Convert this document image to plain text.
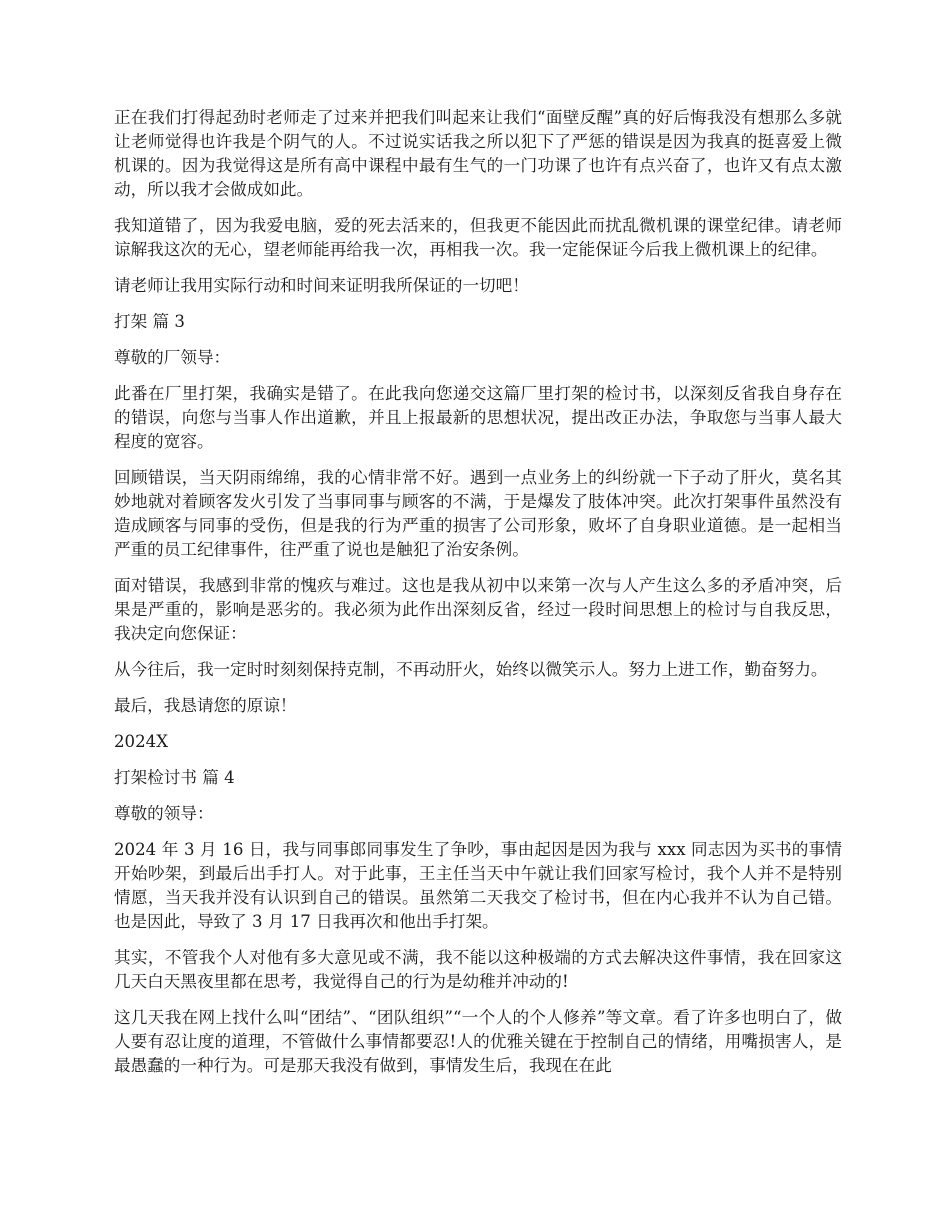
正在我们打得起劲时老师走了过来并把我们叫起来让我们“面壁反醒”真的好后悔我没有想那么多就让老师觉得也许我是个阴气的人。不过说实话我之所以犯下了严惩的错误是因为我真的挺喜爱上微机课的。因为我觉得这是所有高中课程中最有生气的一门功课了也许有点兴奋了，也许又有点太激动，所以我才会做成如此。

我知道错了，因为我爱电脑，爱的死去活来的，但我更不能因此而扰乱微机课的课堂纪律。请老师谅解我这次的无心，望老师能再给我一次，再相我一次。我一定能保证今后我上微机课上的纪律。

请老师让我用实际行动和时间来证明我所保证的一切吧！

打架 篇 3

尊敬的厂领导：

此番在厂里打架，我确实是错了。在此我向您递交这篇厂里打架的检讨书，以深刻反省我自身存在的错误，向您与当事人作出道歉，并且上报最新的思想状况，提出改正办法，争取您与当事人最大程度的宽容。

回顾错误，当天阴雨绵绵，我的心情非常不好。遇到一点业务上的纠纷就一下子动了肝火，莫名其妙地就对着顾客发火引发了当事同事与顾客的不满，于是爆发了肢体冲突。此次打架事件虽然没有造成顾客与同事的受伤，但是我的行为严重的损害了公司形象，败坏了自身职业道德。是一起相当严重的员工纪律事件，往严重了说也是触犯了治安条例。

面对错误，我感到非常的愧疚与难过。这也是我从初中以来第一次与人产生这么多的矛盾冲突，后果是严重的，影响是恶劣的。我必须为此作出深刻反省，经过一段时间思想上的检讨与自我反思，我决定向您保证：

从今往后，我一定时时刻刻保持克制，不再动肝火，始终以微笑示人。努力上进工作，勤奋努力。

最后，我恳请您的原谅！

2024X

打架检讨书 篇 4

尊敬的领导：

2024 年 3 月 16 日，我与同事郎同事发生了争吵，事由起因是因为我与 xxx 同志因为买书的事情开始吵架，到最后出手打人。对于此事，王主任当天中午就让我们回家写检讨，我个人并不是特别情愿，当天我并没有认识到自己的错误。虽然第二天我交了检讨书，但在内心我并不认为自己错。也是因此，导致了 3 月 17 日我再次和他出手打架。

其实，不管我个人对他有多大意见或不满，我不能以这种极端的方式去解决这件事情，我在回家这几天白天黑夜里都在思考，我觉得自己的行为是幼稚并冲动的!

这几天我在网上找什么叫“团结”、“团队组织”“一个人的个人修养”等文章。看了许多也明白了，做人要有忍让度的道理，不管做什么事情都要忍!人的优雅关键在于控制自己的情绪，用嘴损害人，是最愚蠢的一种行为。可是那天我没有做到，事情发生后，我现在在此
